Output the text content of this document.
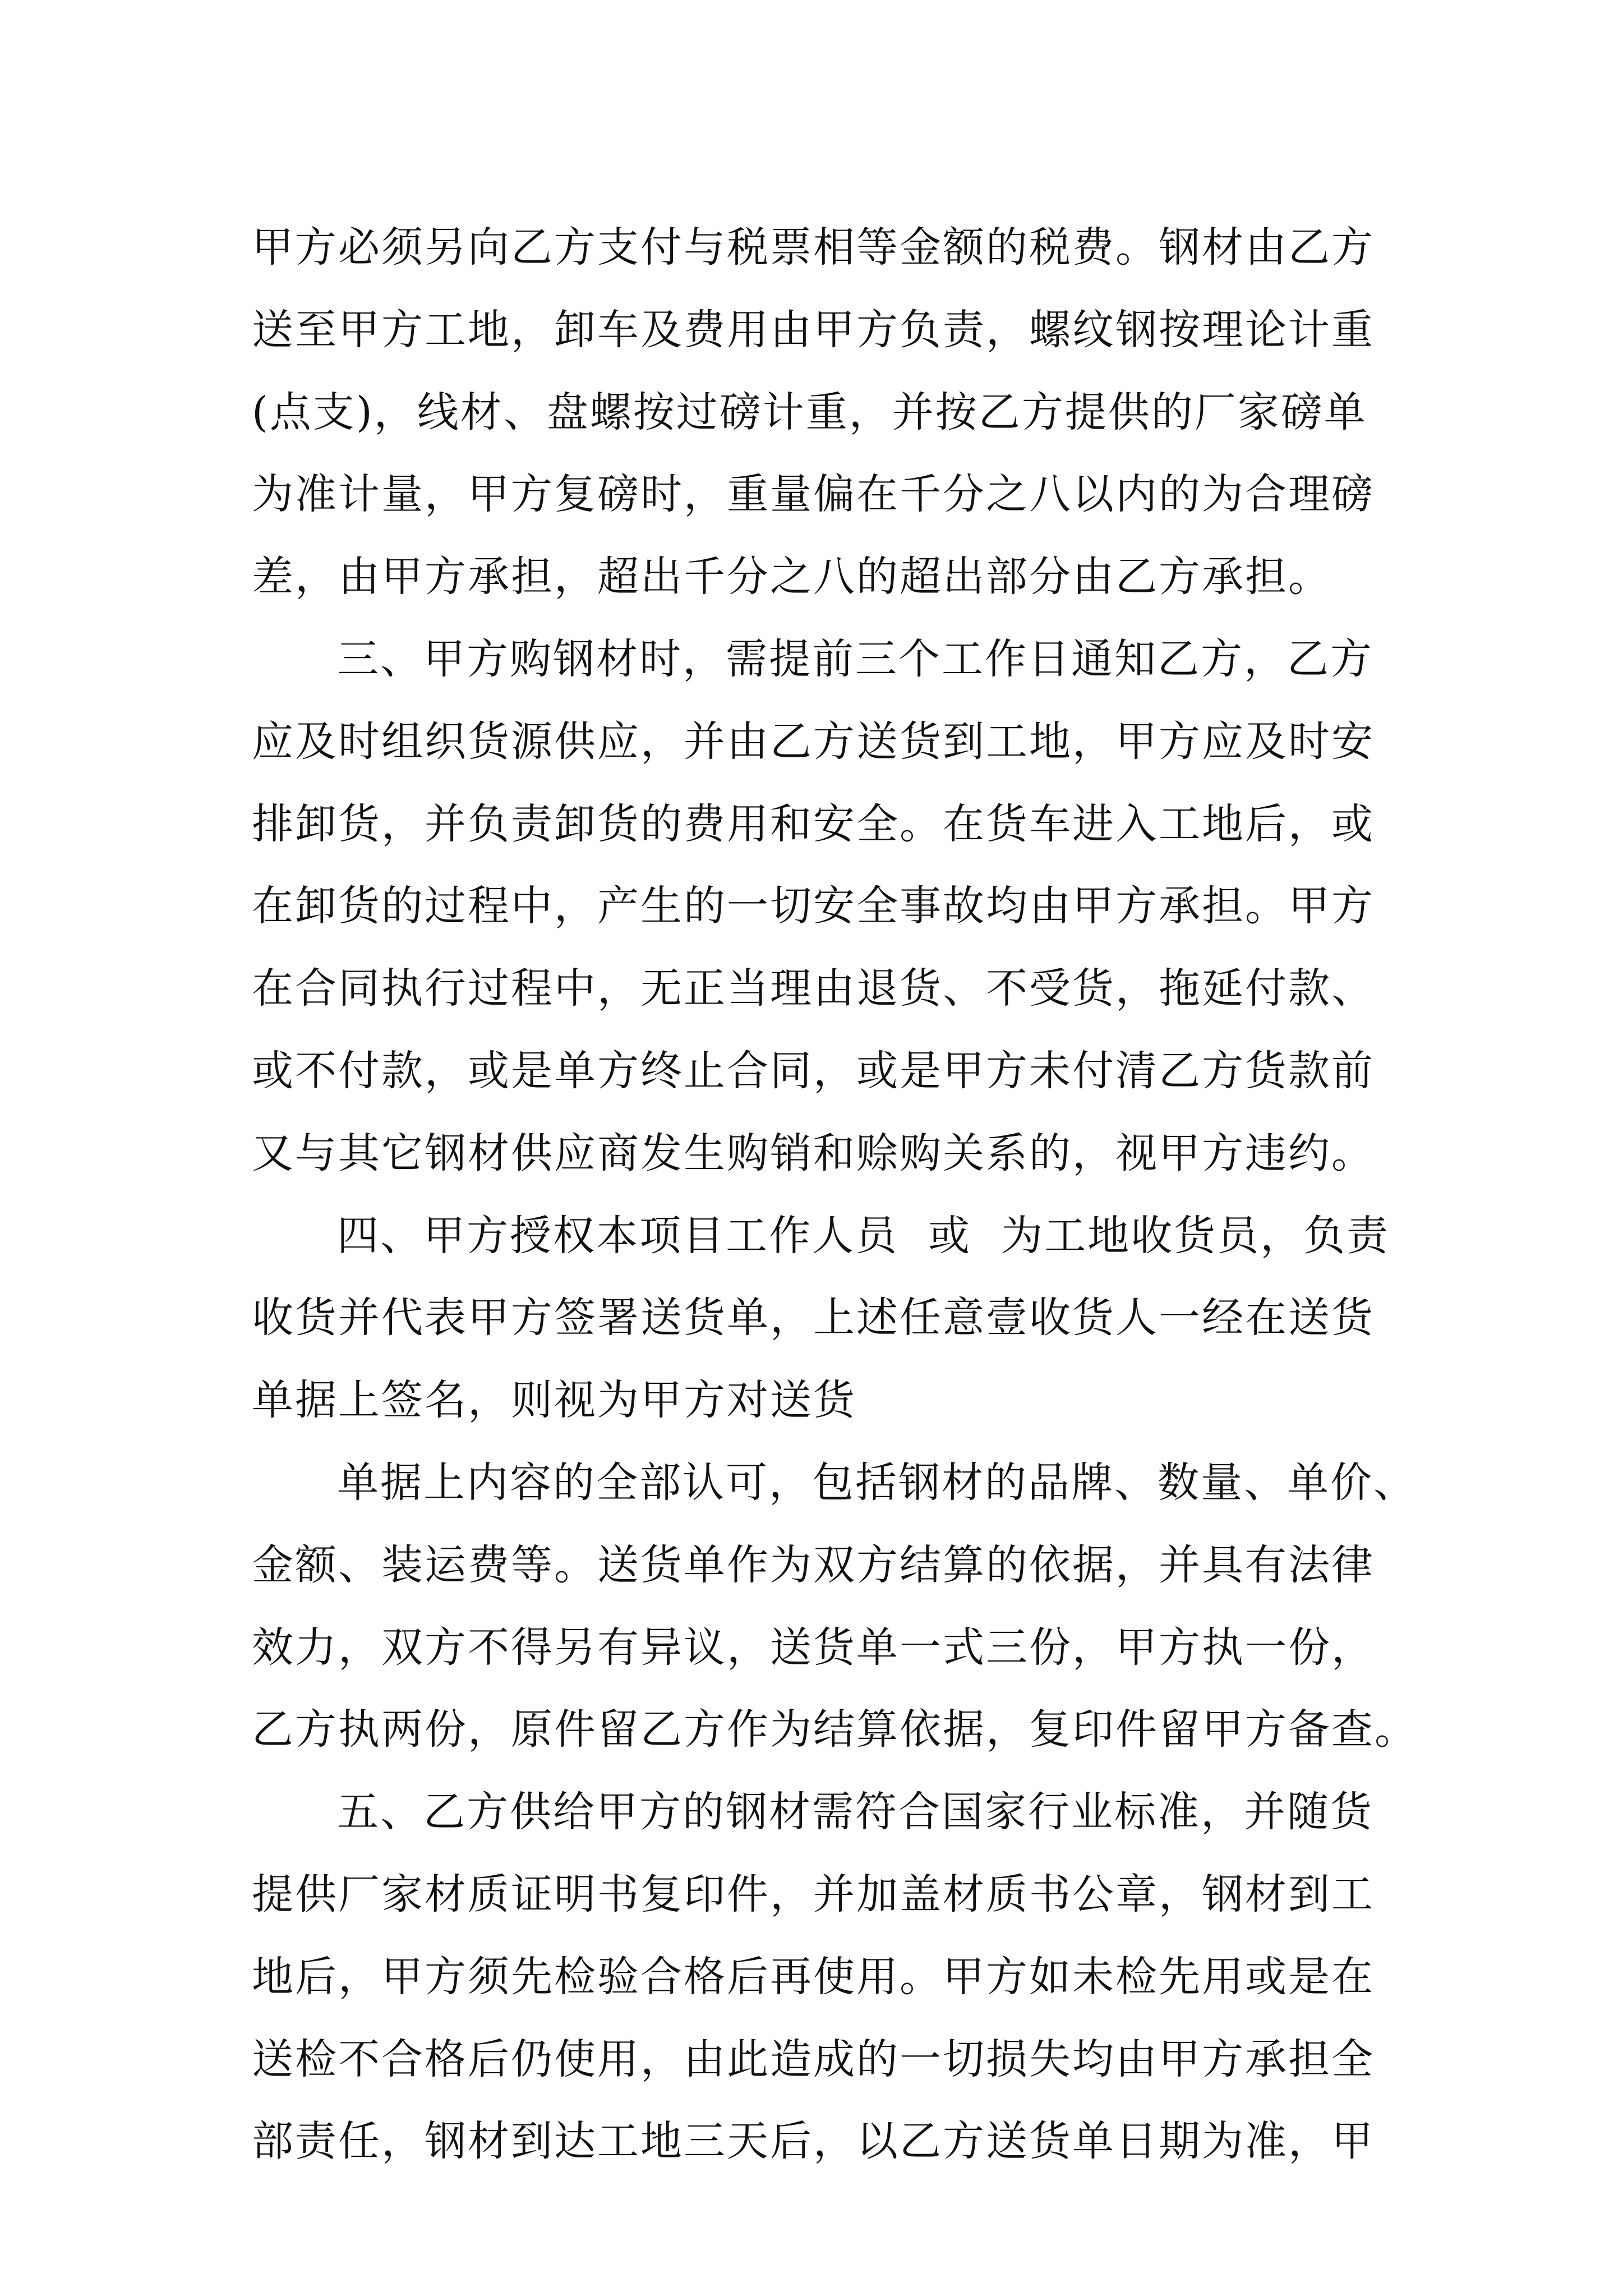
甲方必须另向乙方支付与税票相等金额的税费。钢材由乙方
送至甲方工地，卸车及费用由甲方负责，螺纹钢按理论计重
(点支)，线材、盘螺按过磅计重，并按乙方提供的厂家磅单
为准计量，甲方复磅时，重量偏在千分之八以内的为合理磅
差，由甲方承担，超出千分之八的超出部分由乙方承担。
三、甲方购钢材时，需提前三个工作日通知乙方，乙方
应及时组织货源供应，并由乙方送货到工地，甲方应及时安
排卸货，并负责卸货的费用和安全。在货车进入工地后，或
在卸货的过程中，产生的一切安全事故均由甲方承担。甲方
在合同执行过程中，无正当理由退货、不受货，拖延付款、
或不付款，或是单方终止合同，或是甲方未付清乙方货款前
又与其它钢材供应商发生购销和赊购关系的，视甲方违约。
四、甲方授权本项目工作人员  或  为工地收货员，负责
收货并代表甲方签署送货单，上述任意壹收货人一经在送货
单据上签名，则视为甲方对送货
单据上内容的全部认可，包括钢材的品牌、数量、单价、
金额、装运费等。送货单作为双方结算的依据，并具有法律
效力，双方不得另有异议，送货单一式三份，甲方执一份，
乙方执两份，原件留乙方作为结算依据，复印件留甲方备查。
五、乙方供给甲方的钢材需符合国家行业标准，并随货
提供厂家材质证明书复印件，并加盖材质书公章，钢材到工
地后，甲方须先检验合格后再使用。甲方如未检先用或是在
送检不合格后仍使用，由此造成的一切损失均由甲方承担全
部责任，钢材到达工地三天后，以乙方送货单日期为准，甲
